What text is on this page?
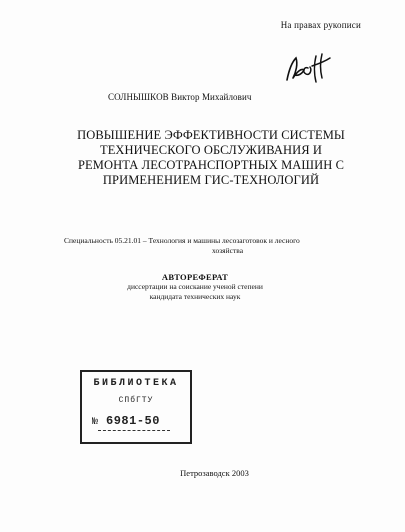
На правах рукописи
СОЛНЫШКОВ Виктор Михайлович
ПОВЫШЕНИЕ ЭФФЕКТИВНОСТИ СИСТЕМЫ
ТЕХНИЧЕСКОГО ОБСЛУЖИВАНИЯ И
РЕМОНТА ЛЕСОТРАНСПОРТНЫХ МАШИН С
ПРИМЕНЕНИЕМ ГИС-ТЕХНОЛОГИЙ
Специальность 05.21.01 – Технология и машины лесозаготовок и лесного
хозяйства
АВТОРЕФЕРАТ
диссертации на соискание ученой степени
кандидата технических наук
БИБЛИОТЕКА
СПбГТУ
№ 6981-50
Петрозаводск 2003
